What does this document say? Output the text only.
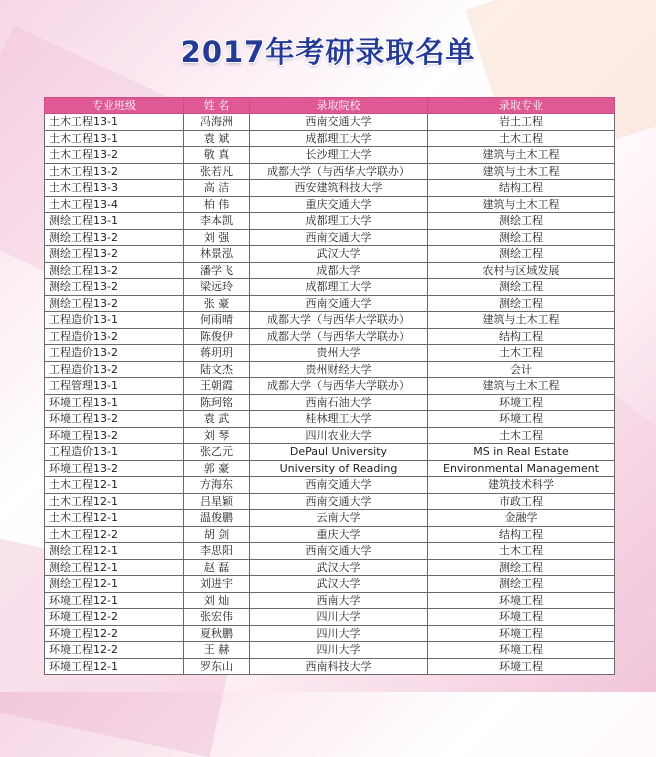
2017年考研录取名单
专业班级	姓 名	录取院校	录取专业
土木工程13-1	冯海洲	西南交通大学	岩土工程
土木工程13-1	袁 斌	成都理工大学	土木工程
土木工程13-2	敬 真	长沙理工大学	建筑与土木工程
土木工程13-2	张若凡	成都大学（与西华大学联办）	建筑与土木工程
土木工程13-3	高 洁	西安建筑科技大学	结构工程
土木工程13-4	柏 伟	重庆交通大学	建筑与土木工程
测绘工程13-1	李本凯	成都理工大学	测绘工程
测绘工程13-2	刘 强	西南交通大学	测绘工程
测绘工程13-2	林景泓	武汉大学	测绘工程
测绘工程13-2	潘学飞	成都大学	农村与区域发展
测绘工程13-2	梁远玲	成都理工大学	测绘工程
测绘工程13-2	张 豪	西南交通大学	测绘工程
工程造价13-1	何雨晴	成都大学（与西华大学联办）	建筑与土木工程
工程造价13-2	陈俊伊	成都大学（与西华大学联办）	结构工程
工程造价13-2	蒋玥玥	贵州大学	土木工程
工程造价13-2	陆文杰	贵州财经大学	会计
工程管理13-1	王朝霞	成都大学（与西华大学联办）	建筑与土木工程
环境工程13-1	陈珂铭	西南石油大学	环境工程
环境工程13-2	袁 武	桂林理工大学	环境工程
环境工程13-2	刘 琴	四川农业大学	土木工程
工程造价13-1	张乙元	DePaul University	MS in Real Estate
环境工程13-2	郭 豪	University of Reading	Environmental Management
土木工程12-1	方海东	西南交通大学	建筑技术科学
土木工程12-1	吕星颖	西南交通大学	市政工程
土木工程12-1	温俊鹏	云南大学	金融学
土木工程12-2	胡 剑	重庆大学	结构工程
测绘工程12-1	李思阳	西南交通大学	土木工程
测绘工程12-1	赵 磊	武汉大学	测绘工程
测绘工程12-1	刘进宇	武汉大学	测绘工程
环境工程12-1	刘 灿	西南大学	环境工程
环境工程12-2	张宏伟	四川大学	环境工程
环境工程12-2	夏秋鹏	四川大学	环境工程
环境工程12-2	王 赫	四川大学	环境工程
环境工程12-1	罗东山	西南科技大学	环境工程
